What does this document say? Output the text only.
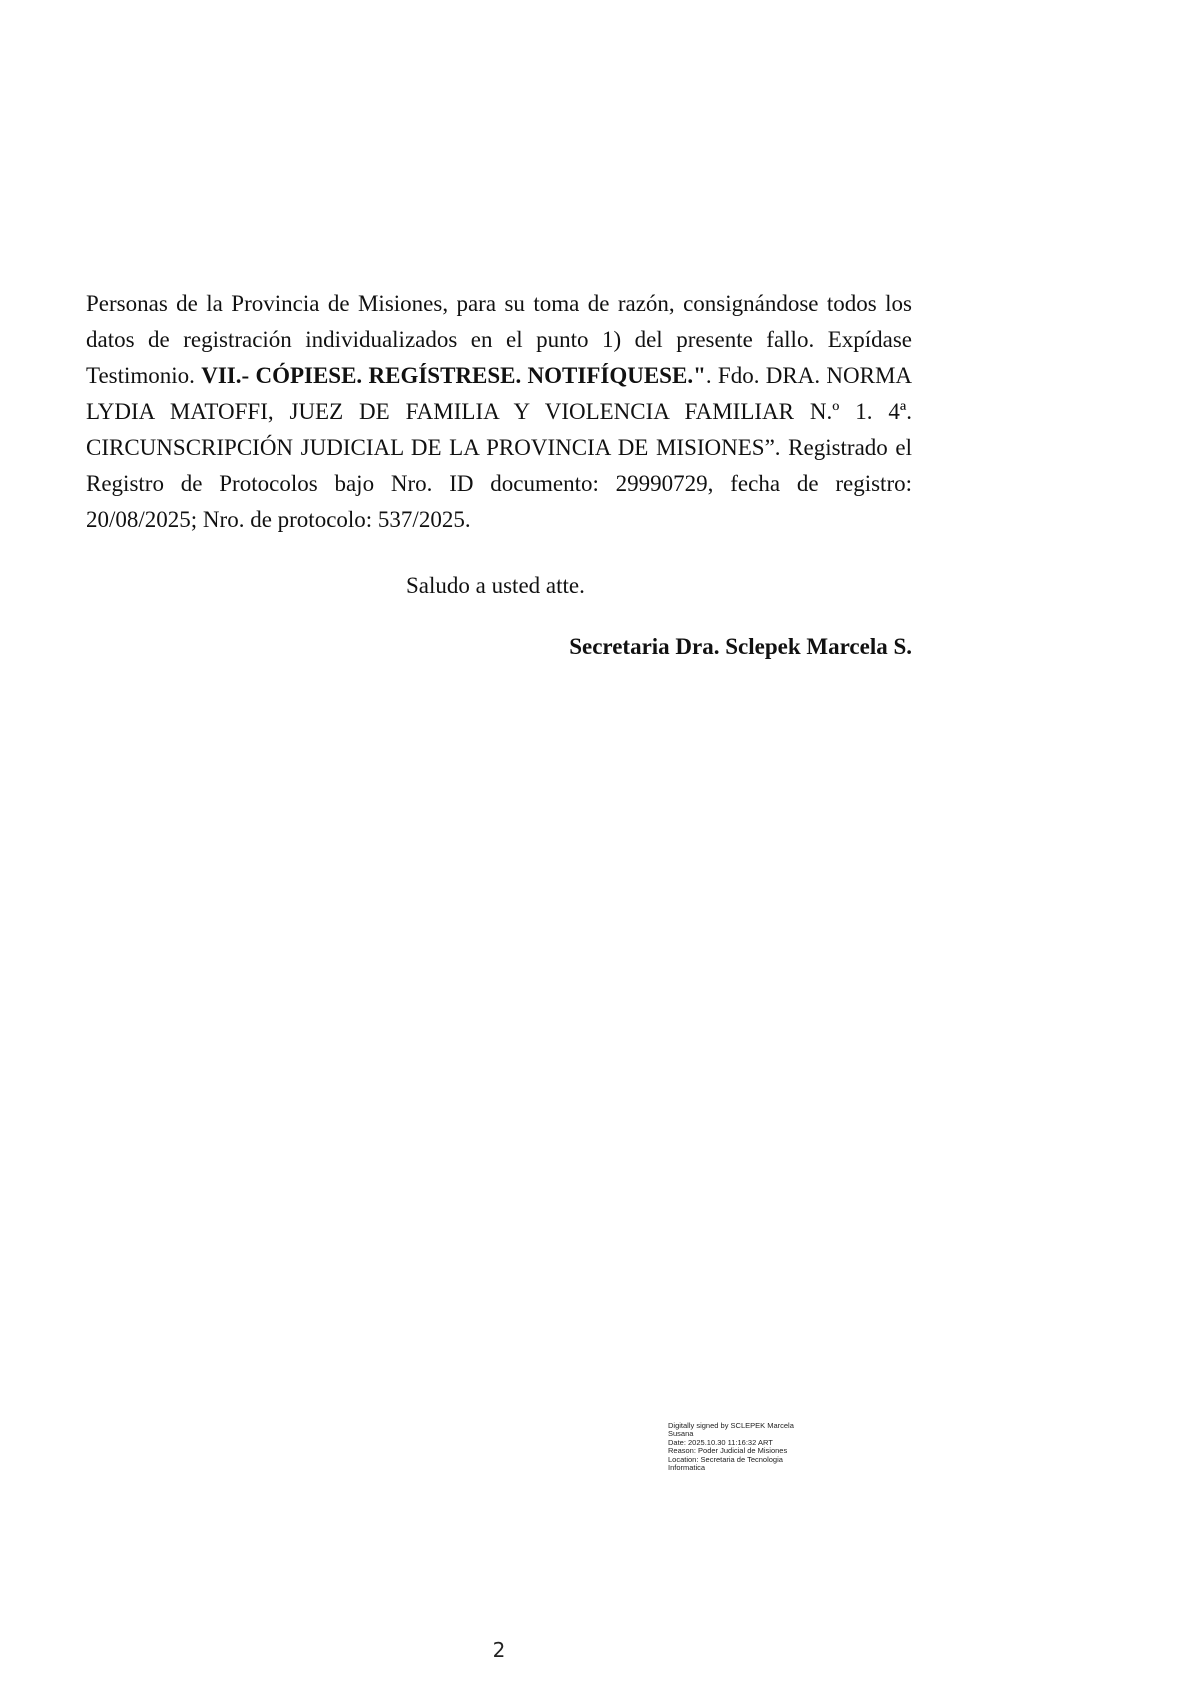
Personas de la Provincia de Misiones, para su toma de razón, consignándose todos los datos de registración individualizados en el punto 1) del presente fallo. Expídase Testimonio. VII.- CÓPIESE. REGÍSTRESE. NOTIFÍQUESE.". Fdo. DRA. NORMA LYDIA MATOFFI, JUEZ DE FAMILIA Y VIOLENCIA FAMILIAR N.º 1. 4ª. CIRCUNSCRIPCIÓN JUDICIAL DE LA PROVINCIA DE MISIONES”. Registrado el Registro de Protocolos bajo Nro. ID documento: 29990729, fecha de registro: 20/08/2025; Nro. de protocolo: 537/2025.

Saludo a usted atte.

Secretaria Dra. Sclepek Marcela S.

Digitally signed by SCLEPEK Marcela
Susana
Date: 2025.10.30 11:16:32 ART
Reason: Poder Judicial de Misiones
Location: Secretaria de Tecnologia
Informatica
2
